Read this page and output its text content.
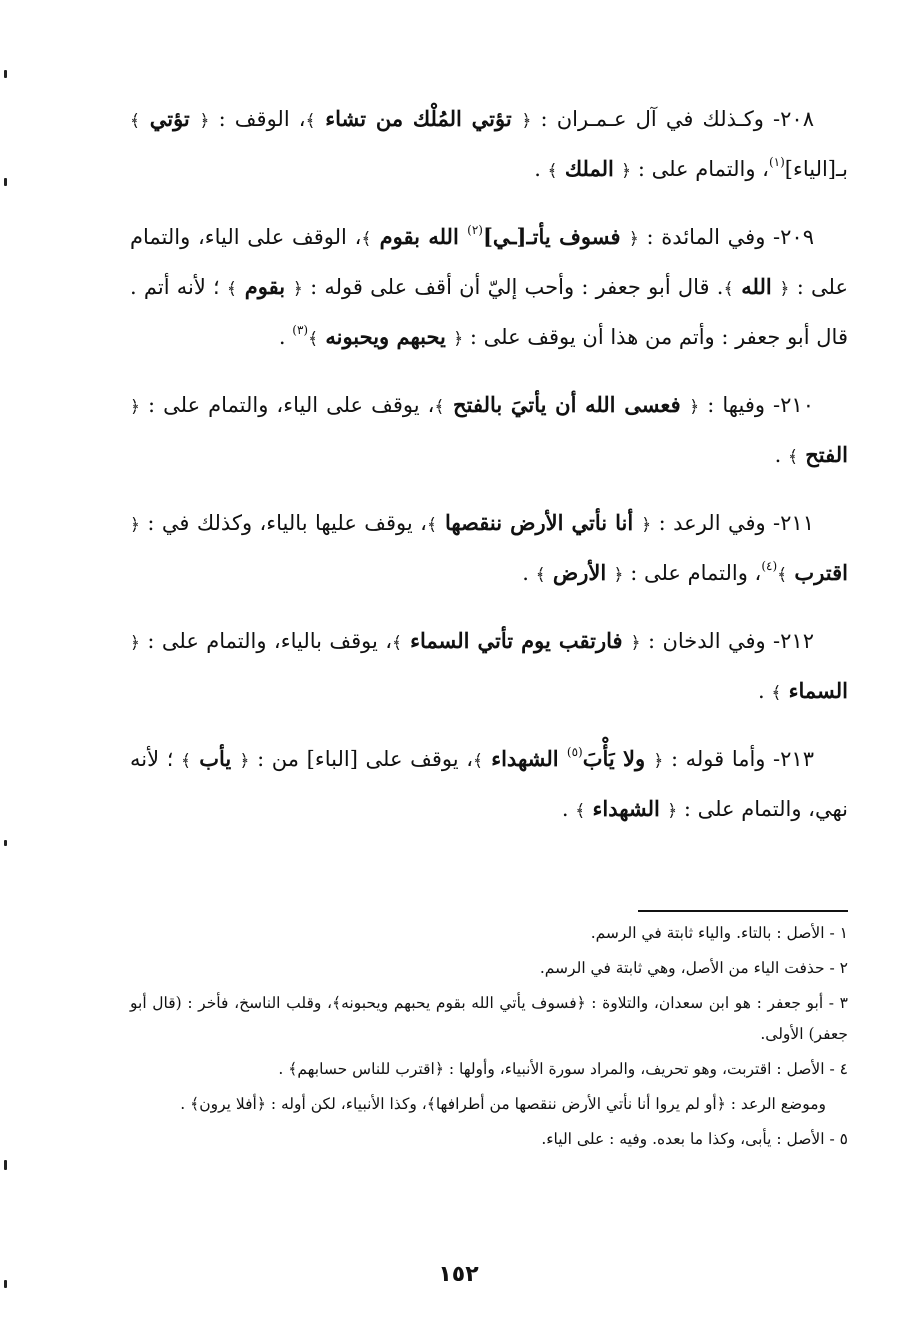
٢٠٨- وكـذلك في آل عـمـران : ﴿ تؤتي المُلْك من تشاء ﴾، الوقف : ﴿ تؤتي ﴾ بـ[الياء]$^{(١)}$، والتمام على : ﴿ الملك ﴾ .

٢٠٩- وفي المائدة : ﴿ فسوف يأتـ[ـي]$^{(٢)}$ الله بقوم ﴾، الوقف على الياء، والتمام على : ﴿ الله ﴾. قال أبو جعفر : وأحب إليّ أن أقف على قوله : ﴿ بقوم ﴾ ؛ لأنه أتم . قال أبو جعفر : وأتم من هذا أن يوقف على : ﴿ يحبهم ويحبونه ﴾$^{(٣)}$ .

٢١٠- وفيها : ﴿ فعسى الله أن يأتيَ بالفتح ﴾، يوقف على الياء، والتمام على : ﴿ الفتح ﴾ .

٢١١- وفي الرعد : ﴿ أنا نأتي الأرض ننقصها ﴾، يوقف عليها بالياء، وكذلك في : ﴿ اقترب ﴾$^{(٤)}$، والتمام على : ﴿ الأرض ﴾ .

٢١٢- وفي الدخان : ﴿ فارتقب يوم تأتي السماء ﴾، يوقف بالياء، والتمام على : ﴿ السماء ﴾ .

٢١٣- وأما قوله : ﴿ ولا يَأْبَ$^{(٥)}$ الشهداء ﴾، يوقف على [الباء] من : ﴿ يأب ﴾ ؛ لأنه نهي، والتمام على : ﴿ الشهداء ﴾ .

١ - الأصل : بالتاء. والياء ثابتة في الرسم.
٢ - حذفت الياء من الأصل، وهي ثابتة في الرسم.
٣ - أبو جعفر : هو ابن سعدان، والتلاوة : ﴿فسوف يأتي الله بقوم يحبهم ويحبونه﴾، وقلب الناسخ، فأخر : (قال أبو جعفر) الأولى.
٤ - الأصل : اقتربت، وهو تحريف، والمراد سورة الأنبياء، وأولها : ﴿اقترب للناس حسابهم﴾ .
وموضع الرعد : ﴿أو لم يروا أنا نأتي الأرض ننقصها من أطرافها﴾، وكذا الأنبياء، لكن أوله : ﴿أفلا يرون﴾ .
٥ - الأصل : يأبى، وكذا ما بعده. وفيه : على الياء.
١٥٢
